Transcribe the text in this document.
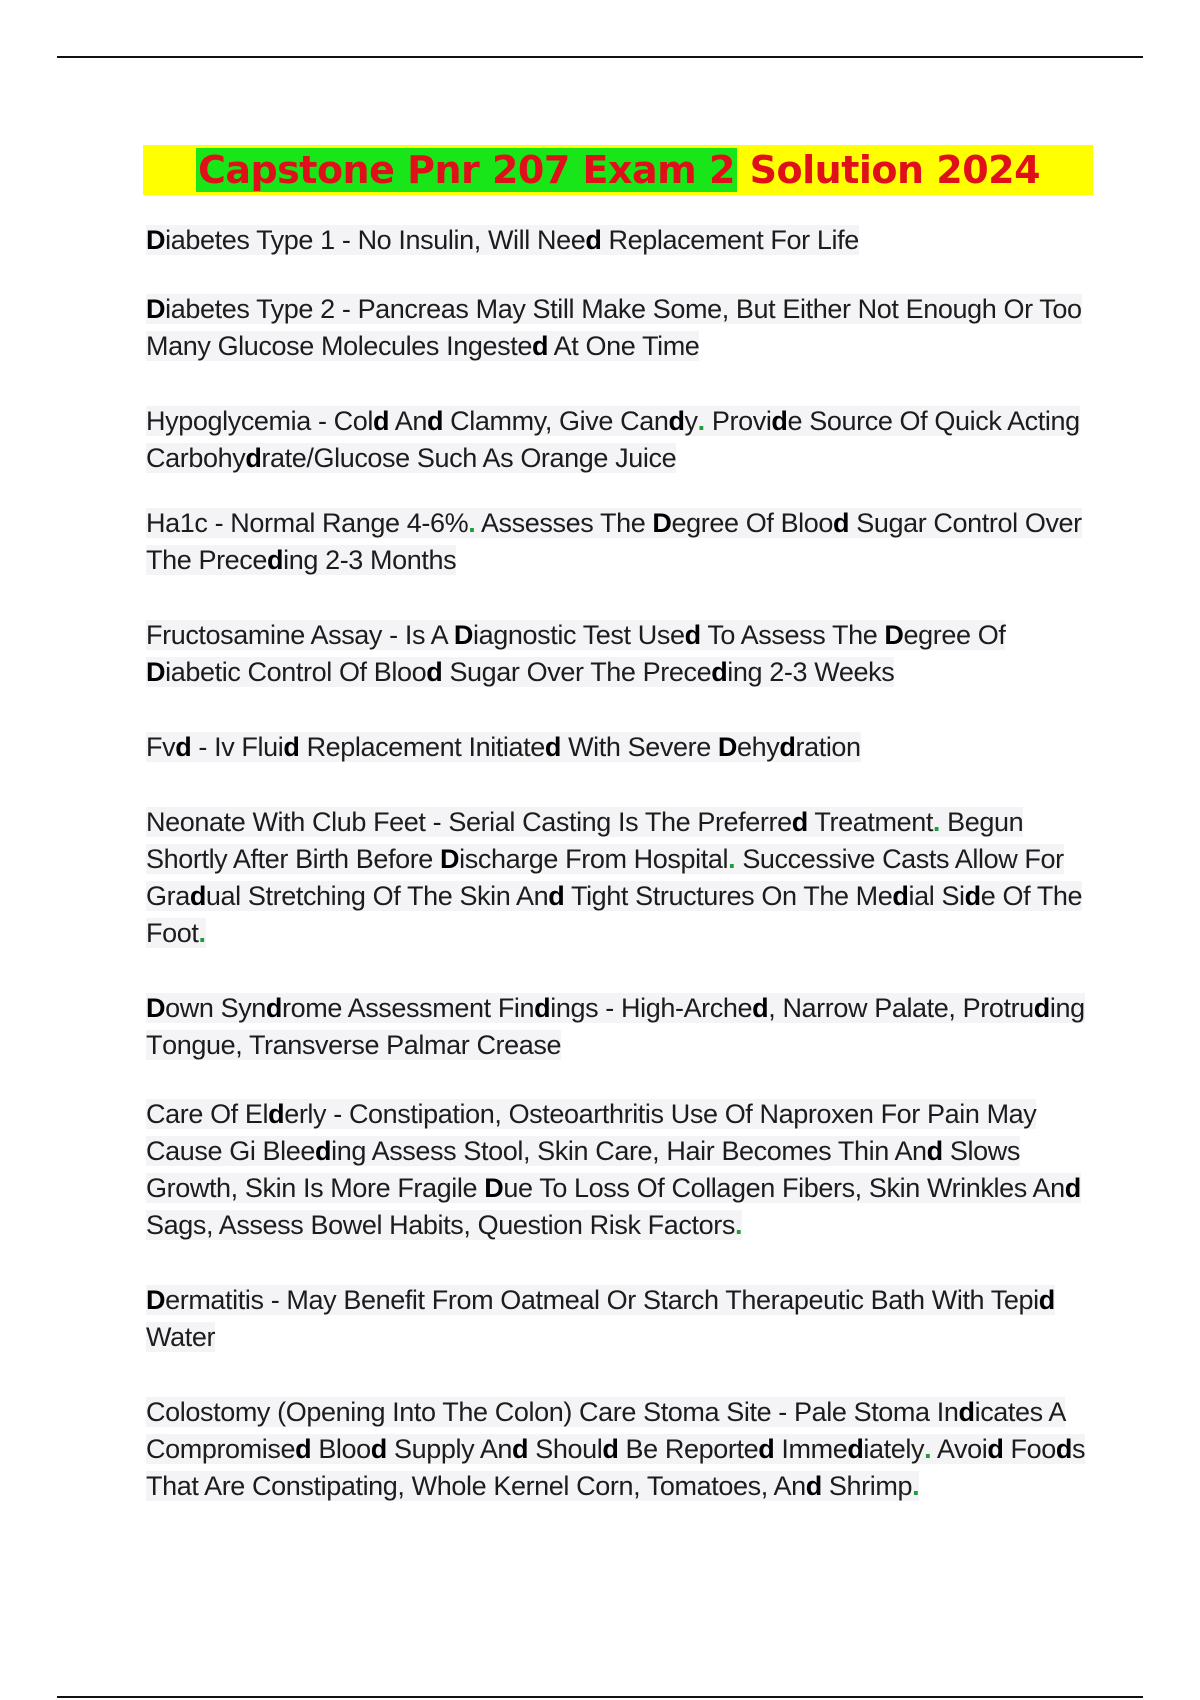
Capstone Pnr 207 Exam 2 Solution 2024

Diabetes Type 1 - No Insulin, Will Need Replacement For Life

Diabetes Type 2 - Pancreas May Still Make Some, But Either Not Enough Or Too Many Glucose Molecules Ingested At One Time

Hypoglycemia - Cold And Clammy, Give Candy. Provide Source Of Quick Acting Carbohydrate/Glucose Such As Orange Juice

Ha1c - Normal Range 4-6%. Assesses The Degree Of Blood Sugar Control Over The Preceding 2-3 Months

Fructosamine Assay - Is A Diagnostic Test Used To Assess The Degree Of Diabetic Control Of Blood Sugar Over The Preceding 2-3 Weeks

Fvd - Iv Fluid Replacement Initiated With Severe Dehydration

Neonate With Club Feet - Serial Casting Is The Preferred Treatment. Begun Shortly After Birth Before Discharge From Hospital. Successive Casts Allow For Gradual Stretching Of The Skin And Tight Structures On The Medial Side Of The Foot.

Down Syndrome Assessment Findings - High-Arched, Narrow Palate, Protruding Tongue, Transverse Palmar Crease

Care Of Elderly - Constipation, Osteoarthritis Use Of Naproxen For Pain May Cause Gi Bleeding Assess Stool, Skin Care, Hair Becomes Thin And Slows Growth, Skin Is More Fragile Due To Loss Of Collagen Fibers, Skin Wrinkles And Sags, Assess Bowel Habits, Question Risk Factors.

Dermatitis - May Benefit From Oatmeal Or Starch Therapeutic Bath With Tepid Water

Colostomy (Opening Into The Colon) Care Stoma Site - Pale Stoma Indicates A Compromised Blood Supply And Should Be Reported Immediately. Avoid Foods That Are Constipating, Whole Kernel Corn, Tomatoes, And Shrimp.
